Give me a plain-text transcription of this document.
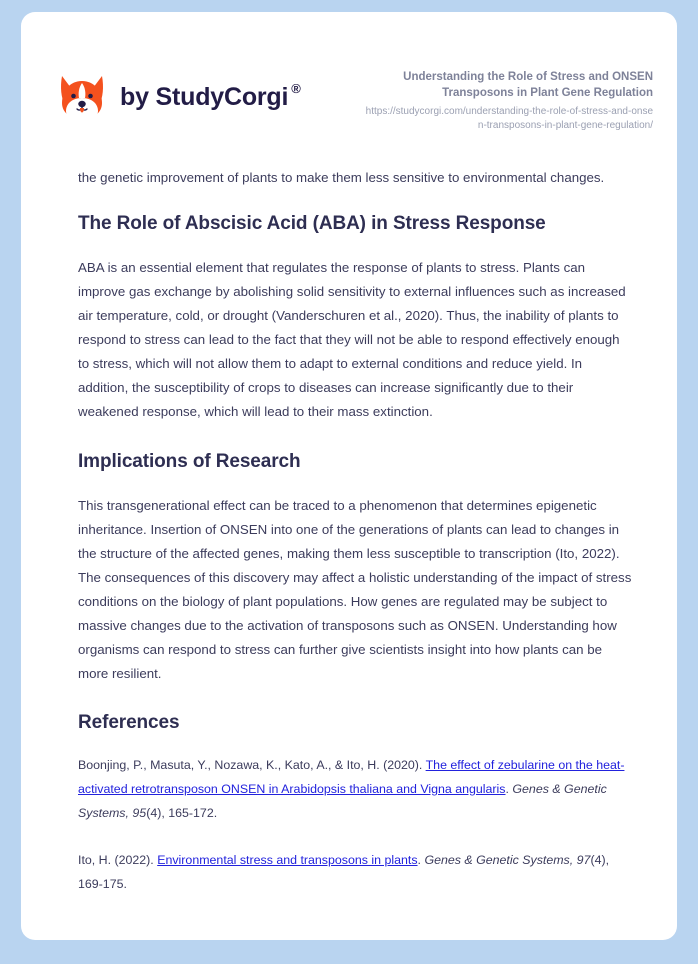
by StudyCorgi ®

Understanding the Role of Stress and ONSEN Transposons in Plant Gene Regulation

https://studycorgi.com/understanding-the-role-of-stress-and-onsen-transposons-in-plant-gene-regulation/

the genetic improvement of plants to make them less sensitive to environmental changes.

The Role of Abscisic Acid (ABA) in Stress Response

ABA is an essential element that regulates the response of plants to stress. Plants can improve gas exchange by abolishing solid sensitivity to external influences such as increased air temperature, cold, or drought (Vanderschuren et al., 2020). Thus, the inability of plants to respond to stress can lead to the fact that they will not be able to respond effectively enough to stress, which will not allow them to adapt to external conditions and reduce yield. In addition, the susceptibility of crops to diseases can increase significantly due to their weakened response, which will lead to their mass extinction.

Implications of Research

This transgenerational effect can be traced to a phenomenon that determines epigenetic inheritance. Insertion of ONSEN into one of the generations of plants can lead to changes in the structure of the affected genes, making them less susceptible to transcription (Ito, 2022). The consequences of this discovery may affect a holistic understanding of the impact of stress conditions on the biology of plant populations. How genes are regulated may be subject to massive changes due to the activation of transposons such as ONSEN. Understanding how organisms can respond to stress can further give scientists insight into how plants can be more resilient.

References

Boonjing, P., Masuta, Y., Nozawa, K., Kato, A., & Ito, H. (2020). The effect of zebularine on the heat-activated retrotransposon ONSEN in Arabidopsis thaliana and Vigna angularis. Genes & Genetic Systems, 95(4), 165-172.

Ito, H. (2022). Environmental stress and transposons in plants. Genes & Genetic Systems, 97(4), 169-175.
